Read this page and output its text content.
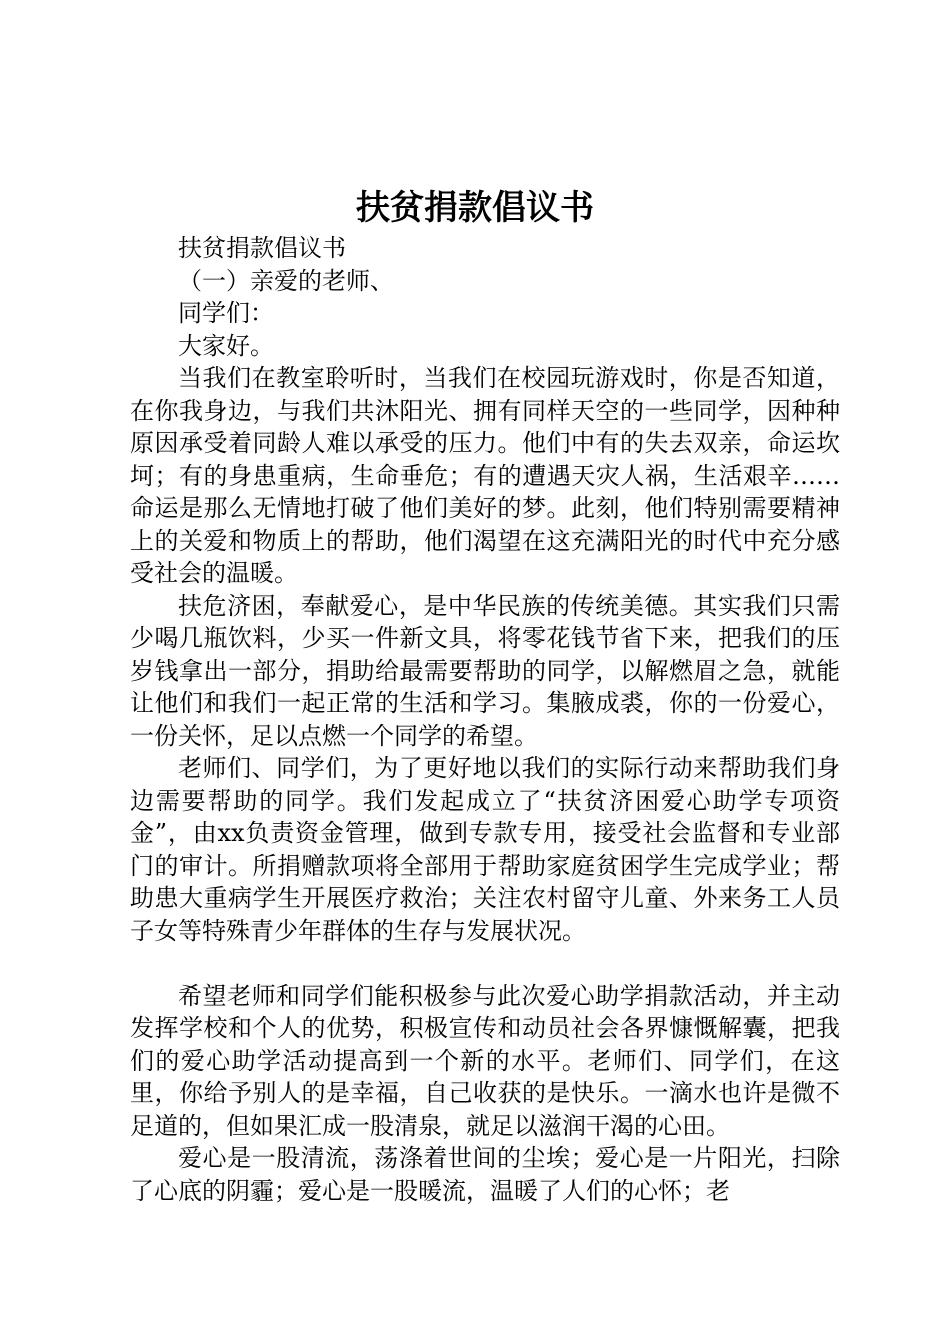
扶贫捐款倡议书

扶贫捐款倡议书

（一）亲爱的老师、

同学们：

大家好。

当我们在教室聆听时，当我们在校园玩游戏时，你是否知道，在你我身边，与我们共沐阳光、拥有同样天空的一些同学，因种种原因承受着同龄人难以承受的压力。他们中有的失去双亲，命运坎坷；有的身患重病，生命垂危；有的遭遇天灾人祸，生活艰辛……命运是那么无情地打破了他们美好的梦。此刻，他们特别需要精神上的关爱和物质上的帮助，他们渴望在这充满阳光的时代中充分感受社会的温暖。

扶危济困，奉献爱心，是中华民族的传统美德。其实我们只需少喝几瓶饮料，少买一件新文具，将零花钱节省下来，把我们的压岁钱拿出一部分，捐助给最需要帮助的同学，以解燃眉之急，就能让他们和我们一起正常的生活和学习。集腋成裘，你的一份爱心，一份关怀，足以点燃一个同学的希望。

老师们、同学们，为了更好地以我们的实际行动来帮助我们身边需要帮助的同学。我们发起成立了“扶贫济困爱心助学专项资金”，由xx负责资金管理，做到专款专用，接受社会监督和专业部门的审计。所捐赠款项将全部用于帮助家庭贫困学生完成学业；帮助患大重病学生开展医疗救治；关注农村留守儿童、外来务工人员子女等特殊青少年群体的生存与发展状况。

希望老师和同学们能积极参与此次爱心助学捐款活动，并主动发挥学校和个人的优势，积极宣传和动员社会各界慷慨解囊，把我们的爱心助学活动提高到一个新的水平。老师们、同学们，在这里，你给予别人的是幸福，自己收获的是快乐。一滴水也许是微不足道的，但如果汇成一股清泉，就足以滋润干渴的心田。

爱心是一股清流，荡涤着世间的尘埃；爱心是一片阳光，扫除了心底的阴霾；爱心是一股暖流，温暖了人们的心怀；老
